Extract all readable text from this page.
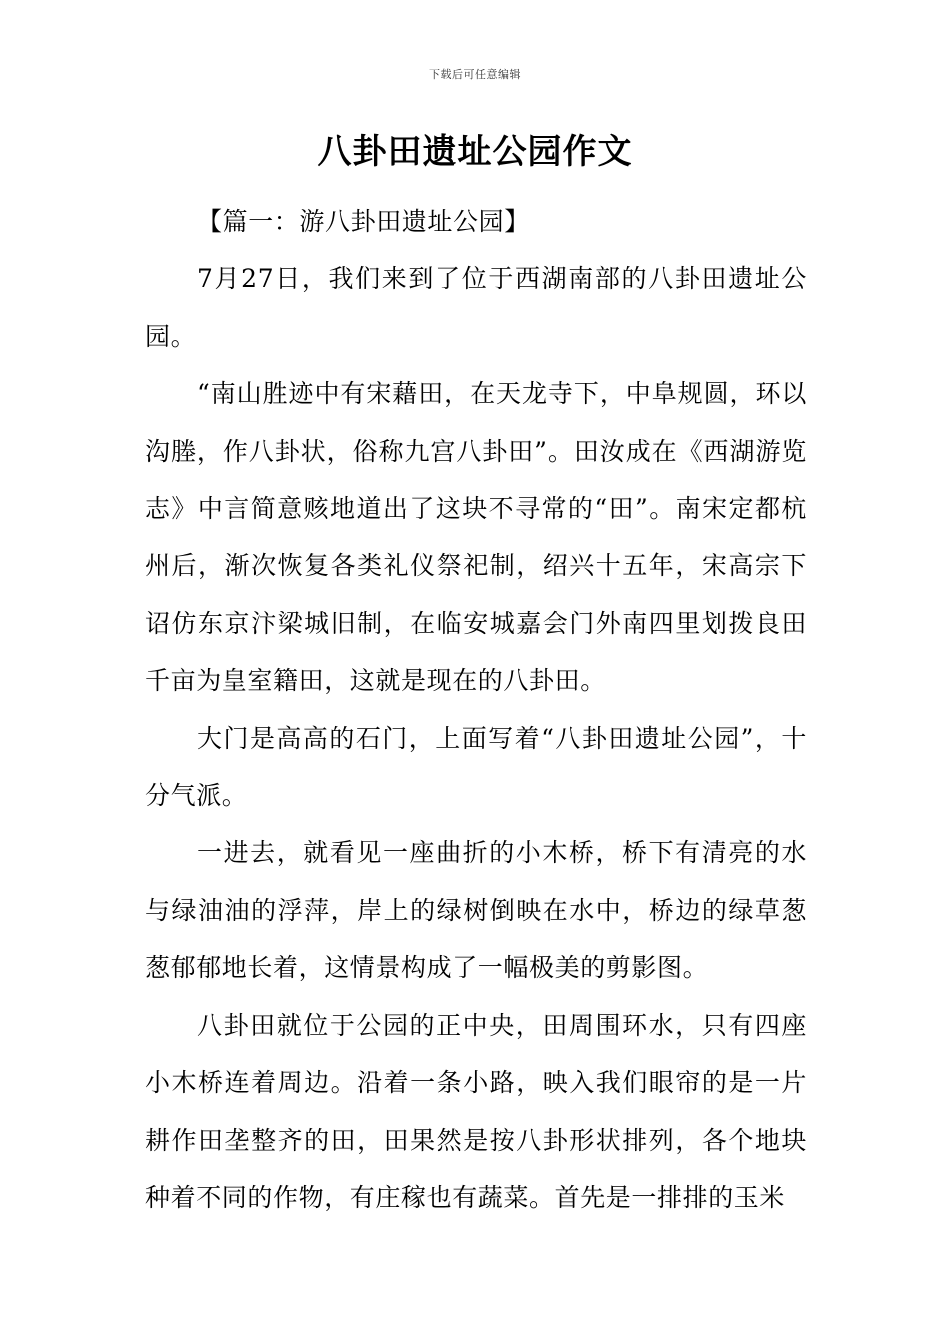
下载后可任意编辑
八卦田遗址公园作文

【篇一：游八卦田遗址公园】

7月27日，我们来到了位于西湖南部的八卦田遗址公园。

“南山胜迹中有宋藉田，在天龙寺下，中阜规圆，环以沟塍，作八卦状，俗称九宫八卦田”。田汝成在《西湖游览志》中言简意赅地道出了这块不寻常的“田”。南宋定都杭州后，渐次恢复各类礼仪祭祀制，绍兴十五年，宋高宗下诏仿东京汴梁城旧制，在临安城嘉会门外南四里划拨良田千亩为皇室籍田，这就是现在的八卦田。

大门是高高的石门，上面写着“八卦田遗址公园”，十分气派。

一进去，就看见一座曲折的小木桥，桥下有清亮的水与绿油油的浮萍，岸上的绿树倒映在水中，桥边的绿草葱葱郁郁地长着，这情景构成了一幅极美的剪影图。

八卦田就位于公园的正中央，田周围环水，只有四座小木桥连着周边。沿着一条小路，映入我们眼帘的是一片耕作田垄整齐的田，田果然是按八卦形状排列，各个地块种着不同的作物，有庄稼也有蔬菜。首先是一排排的玉米
